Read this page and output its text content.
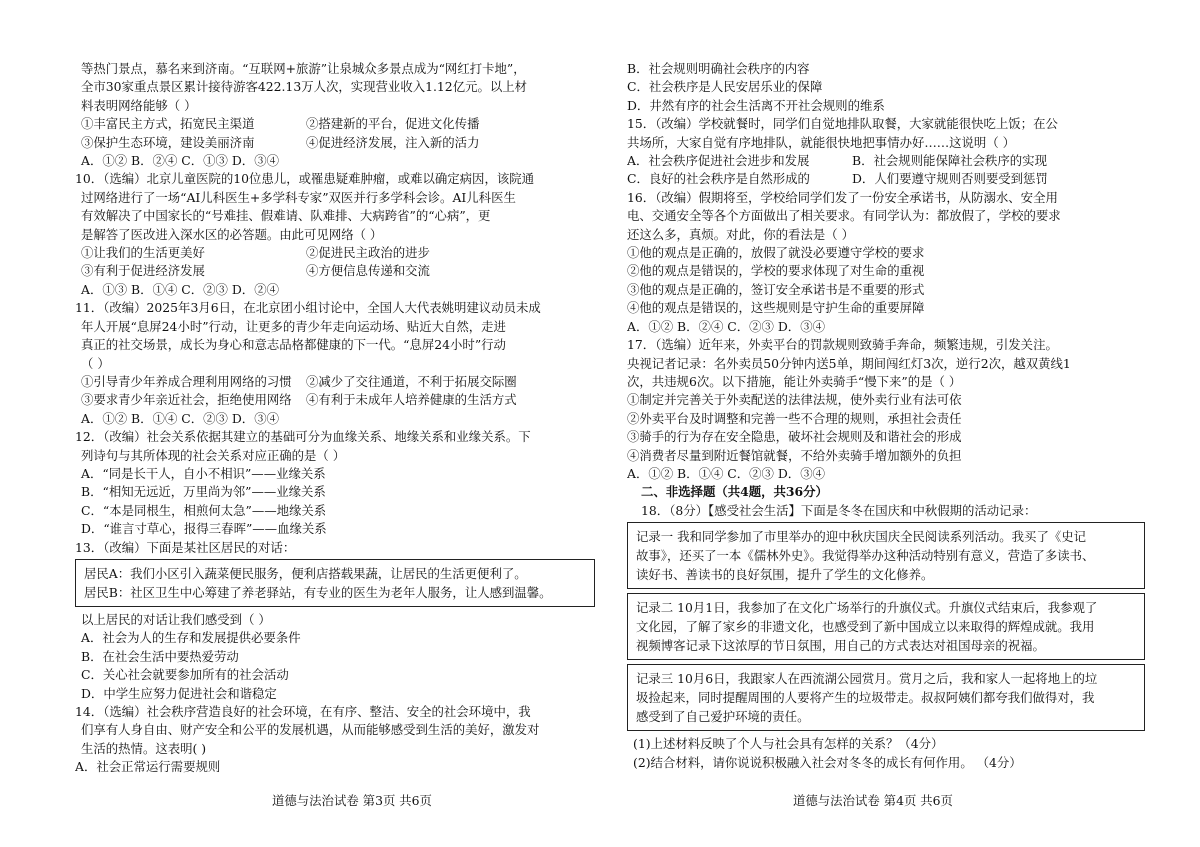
等热门景点，慕名来到济南。“互联网+旅游”让泉城众多景点成为“网红打卡地”，
全市30家重点景区累计接待游客422.13万人次，实现营业收入1.12亿元。以上材
料表明网络能够（ ）
①丰富民主方式，拓宽民主渠道	②搭建新的平台，促进文化传播
③保护生态环境，建设美丽济南	④促进经济发展，注入新的活力
A．①② B．②④ C．①③ D．③④
10．（选编）北京儿童医院的10位患儿，或罹患疑难肿瘤，或难以确定病因，该院通
过网络进行了一场“AI儿科医生+多学科专家”双医并行多学科会诊。AI儿科医生
有效解决了中国家长的“号难挂、假难请、队难排、大病跨省”的“心病”，更
是解答了医改进入深水区的必答题。由此可见网络（ ）
①让我们的生活更美好	②促进民主政治的进步
③有利于促进经济发展	④方便信息传递和交流
A．①③ B．①④ C．②③ D．②④
11．（改编）2025年3月6日，在北京团小组讨论中，全国人大代表姚明建议动员未成
年人开展“息屏24小时”行动，让更多的青少年走向运动场、贴近大自然，走进
真正的社交场景，成长为身心和意志品格都健康的下一代。“息屏24小时”行动
（ ）
①引导青少年养成合理利用网络的习惯	②减少了交往通道，不利于拓展交际圈
③要求青少年亲近社会，拒绝使用网络	④有利于未成年人培养健康的生活方式
A．①② B．①④ C．②③ D．③④
12．（改编）社会关系依据其建立的基础可分为血缘关系、地缘关系和业缘关系。下
列诗句与其所体现的社会关系对应正确的是（ ）
A．“同是长干人，自小不相识”——业缘关系
B．“相知无远近，万里尚为邻”——业缘关系
C．“本是同根生，相煎何太急”——地缘关系
D．“谁言寸草心，报得三春晖”——血缘关系
13．（改编）下面是某社区居民的对话：
居民A：我们小区引入蔬菜便民服务，便利店搭载果蔬，让居民的生活更便利了。
居民B：社区卫生中心筹建了养老驿站，有专业的医生为老年人服务，让人感到温馨。
以上居民的对话让我们感受到（ ）
A．社会为人的生存和发展提供必要条件
B．在社会生活中要热爱劳动
C．关心社会就要参加所有的社会活动
D．中学生应努力促进社会和谐稳定
14．（选编）社会秩序营造良好的社会环境，在有序、整洁、安全的社会环境中，我
们享有人身自由、财产安全和公平的发展机遇，从而能够感受到生活的美好，激发对
生活的热情。这表明( )
A．社会正常运行需要规则
B．社会规则明确社会秩序的内容
C．社会秩序是人民安居乐业的保障
D．井然有序的社会生活离不开社会规则的维系
15．（改编）学校就餐时，同学们自觉地排队取餐，大家就能很快吃上饭；在公
共场所，大家自觉有序地排队，就能很快地把事情办好……这说明（ ）
A．社会秩序促进社会进步和发展	B．社会规则能保障社会秩序的实现
C．良好的社会秩序是自然形成的	D．人们要遵守规则否则要受到惩罚
16．（改编）假期将至，学校给同学们发了一份安全承诺书，从防溺水、安全用
电、交通安全等各个方面做出了相关要求。有同学认为：都放假了，学校的要求
还这么多，真烦。对此，你的看法是（ ）
①他的观点是正确的，放假了就没必要遵守学校的要求
②他的观点是错误的，学校的要求体现了对生命的重视
③他的观点是正确的，签订安全承诺书是不重要的形式
④他的观点是错误的，这些规则是守护生命的重要屏障
A．①② B．②④ C．②③ D．③④
17．（选编）近年来，外卖平台的罚款规则致骑手奔命，频繁违规，引发关注。
央视记者记录：名外卖员50分钟内送5单，期间闯红灯3次，逆行2次，越双黄线1
次，共违规6次。以下措施，能让外卖骑手“慢下来”的是（ ）
①制定并完善关于外卖配送的法律法规，使外卖行业有法可依
②外卖平台及时调整和完善一些不合理的规则，承担社会责任
③骑手的行为存在安全隐患，破坏社会规则及和谐社会的形成
④消费者尽量到附近餐馆就餐，不给外卖骑手增加额外的负担
A．①② B．①④ C．②③ D．③④
二、非选择题（共4题，共36分）
18．（8分）【感受社会生活】下面是冬冬在国庆和中秋假期的活动记录：
记录一 我和同学参加了市里举办的迎中秋庆国庆全民阅读系列活动。我买了《史记
故事》，还买了一本《儒林外史》。我觉得举办这种活动特别有意义，营造了多读书、
读好书、善读书的良好氛围，提升了学生的文化修养。
记录二 10月1日，我参加了在文化广场举行的升旗仪式。升旗仪式结束后，我参观了
文化园，了解了家乡的非遗文化，也感受到了新中国成立以来取得的辉煌成就。我用
视频博客记录下这浓厚的节日氛围，用自己的方式表达对祖国母亲的祝福。
记录三 10月6日，我跟家人在西流湖公园赏月。赏月之后，我和家人一起将地上的垃
圾捡起来，同时提醒周围的人要将产生的垃圾带走。叔叔阿姨们都夸我们做得对，我
感受到了自己爱护环境的责任。
(1)上述材料反映了个人与社会具有怎样的关系？（4分）
(2)结合材料，请你说说积极融入社会对冬冬的成长有何作用。 （4分）
道德与法治试卷 第3页 共6页	道德与法治试卷 第4页 共6页
